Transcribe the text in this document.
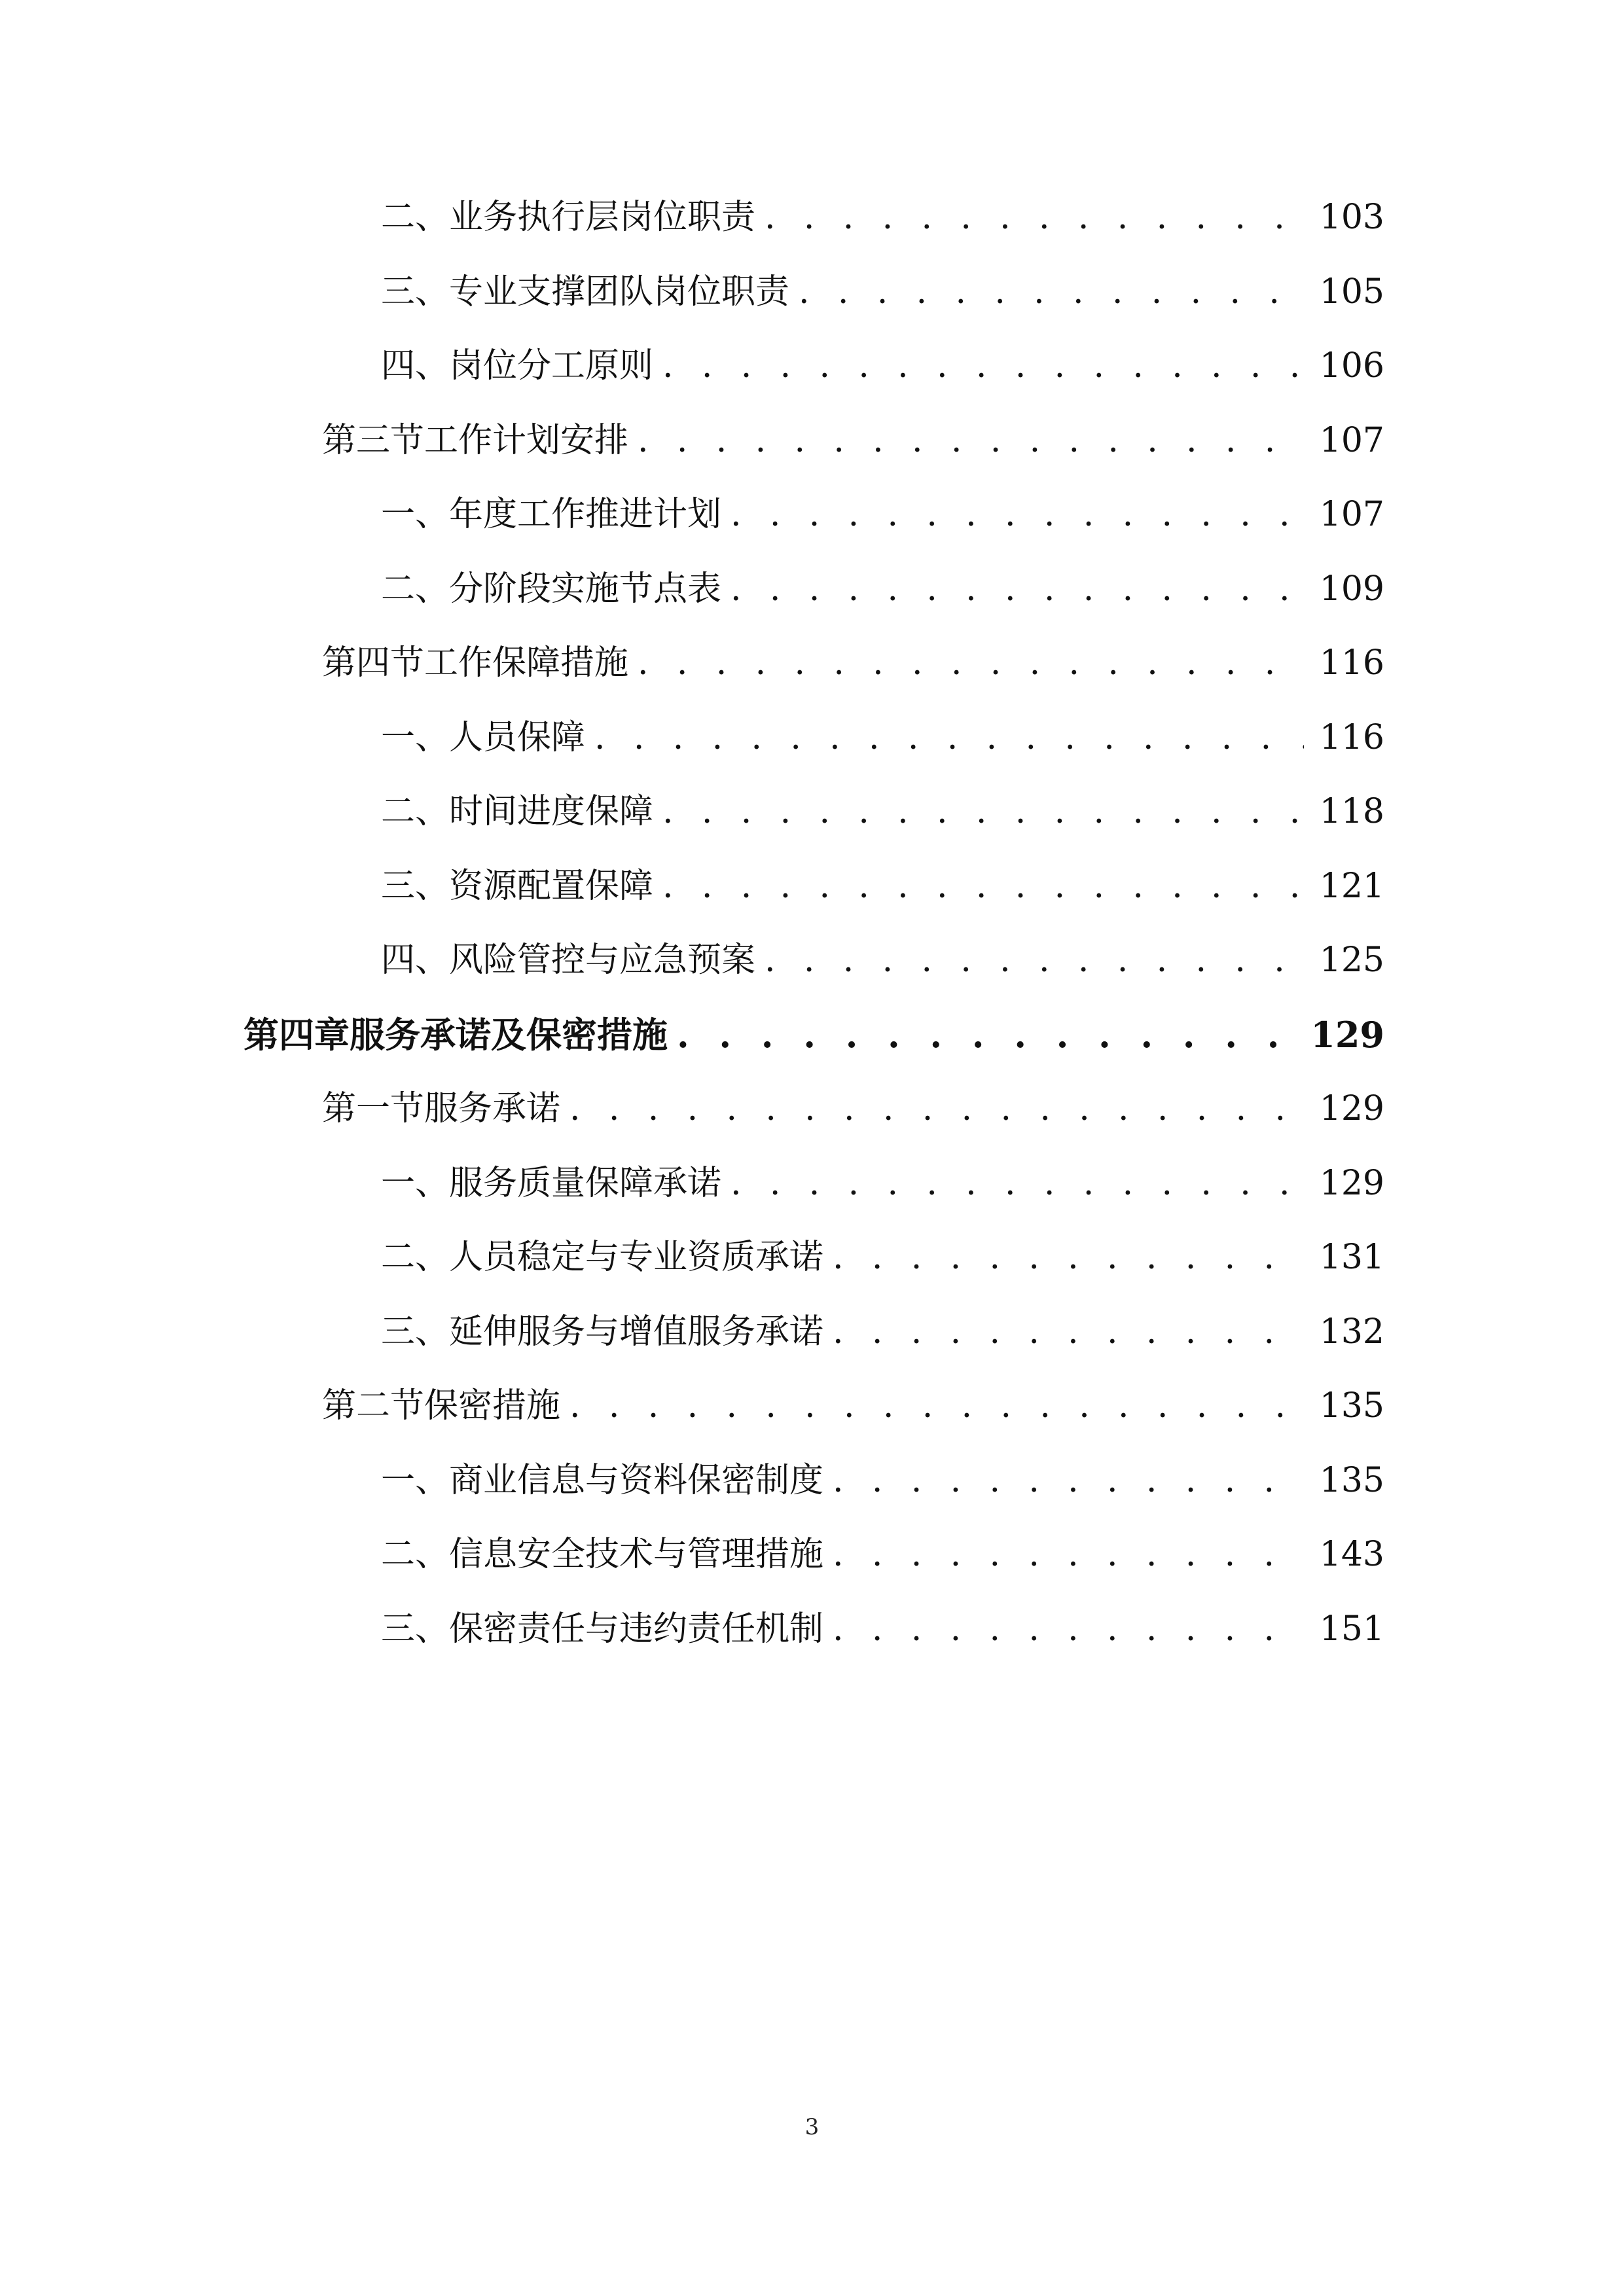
二、 业务执行层岗位职责 . . .	103
三、 专业支撑团队岗位职责 . . .	105
四、 岗位分工原则 . . .	106
第三节 工作计划安排 . . .	107
一、 年度工作推进计划 . . .	107
二、 分阶段实施节点表 . . .	109
第四节 工作保障措施 . . .	116
一、 人员保障 . . .	116
二、 时间进度保障 . . .	118
三、 资源配置保障 . . .	121
四、 风险管控与应急预案 . . .	125
第四章 服务承诺及保密措施 . . .	129
第一节 服务承诺 . . .	129
一、 服务质量保障承诺 . . .	129
二、 人员稳定与专业资质承诺 . . .	131
三、 延伸服务与增值服务承诺 . . .	132
第二节 保密措施 . . .	135
一、 商业信息与资料保密制度 . . .	135
二、 信息安全技术与管理措施 . . .	143
三、 保密责任与违约责任机制 . . .	151
3
